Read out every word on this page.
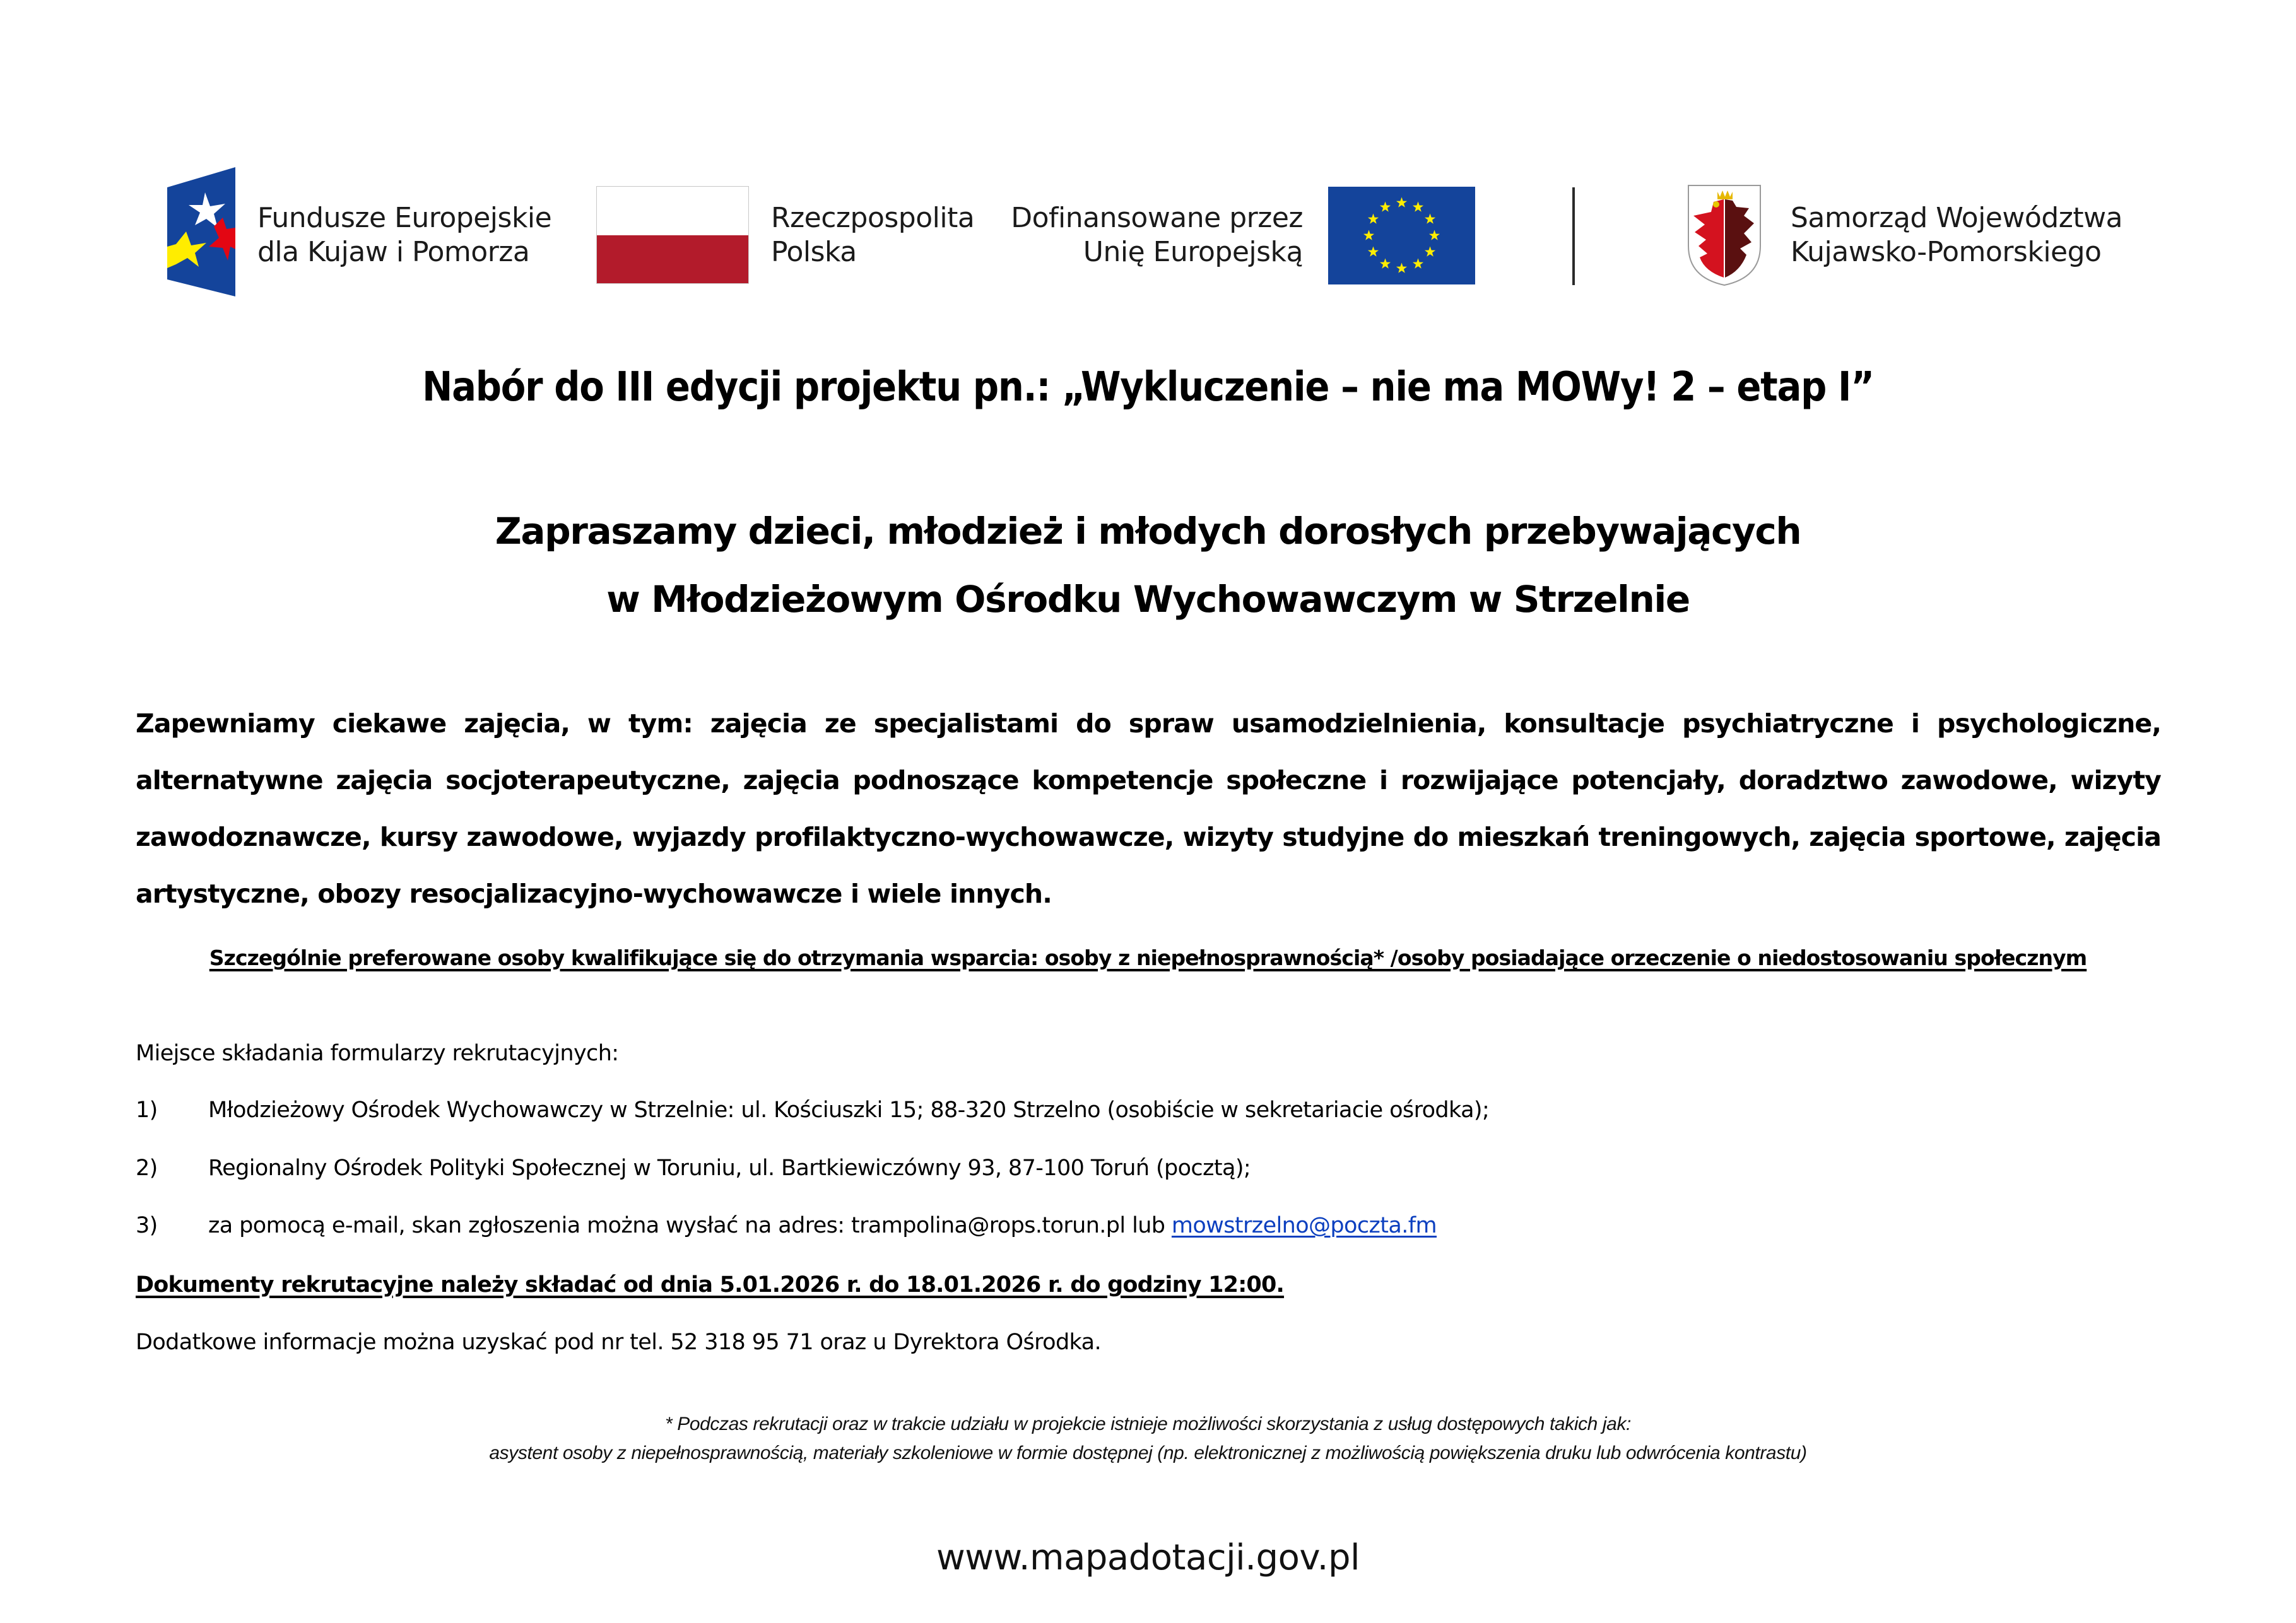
Fundusze Europejskie
dla Kujaw i Pomorza
Rzeczpospolita
Polska
Dofinansowane przez
Unię Europejską
Samorząd Województwa
Kujawsko-Pomorskiego
Nabór do III edycji projektu pn.: „Wykluczenie – nie ma MOWy! 2 – etap I”
Zapraszamy dzieci, młodzież i młodych dorosłych przebywających
w Młodzieżowym Ośrodku Wychowawczym w Strzelnie
Zapewniamy ciekawe zajęcia, w tym: zajęcia ze specjalistami do spraw usamodzielnienia, konsultacje psychiatryczne i psychologiczne, alternatywne zajęcia socjoterapeutyczne, zajęcia podnoszące kompetencje społeczne i rozwijające potencjały, doradztwo zawodowe, wizyty zawodoznawcze, kursy zawodowe, wyjazdy profilaktyczno-wychowawcze, wizyty studyjne do mieszkań treningowych, zajęcia sportowe, zajęcia artystyczne, obozy resocjalizacyjno-wychowawcze i wiele innych.
Szczególnie preferowane osoby kwalifikujące się do otrzymania wsparcia: osoby z niepełnosprawnością* /osoby posiadające orzeczenie o niedostosowaniu społecznym
Miejsce składania formularzy rekrutacyjnych:
1) Młodzieżowy Ośrodek Wychowawczy w Strzelnie: ul. Kościuszki 15; 88-320 Strzelno (osobiście w sekretariacie ośrodka);
2) Regionalny Ośrodek Polityki Społecznej w Toruniu, ul. Bartkiewiczówny 93, 87-100 Toruń (pocztą);
3) za pomocą e-mail, skan zgłoszenia można wysłać na adres: trampolina@rops.torun.pl lub mowstrzelno@poczta.fm
Dokumenty rekrutacyjne należy składać od dnia 5.01.2026 r. do 18.01.2026 r. do godziny 12:00.
Dodatkowe informacje można uzyskać pod nr tel. 52 318 95 71 oraz u Dyrektora Ośrodka.
* Podczas rekrutacji oraz w trakcie udziału w projekcie istnieje możliwości skorzystania z usług dostępowych takich jak:
asystent osoby z niepełnosprawnością, materiały szkoleniowe w formie dostępnej (np. elektronicznej z możliwością powiększenia druku lub odwrócenia kontrastu)
www.mapadotacji.gov.pl
